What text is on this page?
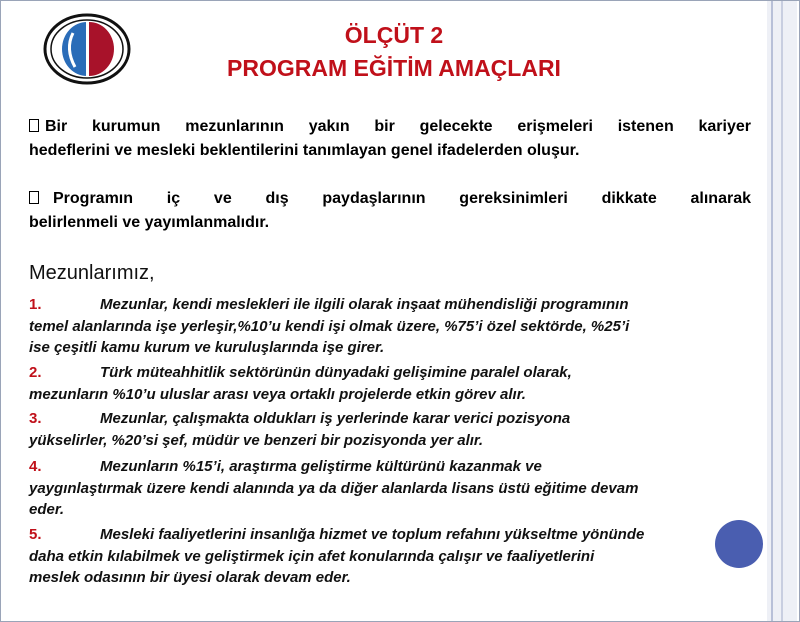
ÖLÇÜT 2
PROGRAM EĞİTİM AMAÇLARI
Bir kurumun mezunlarının yakın bir gelecekte erişmeleri istenen kariyer
hedeflerini ve mesleki beklentilerini tanımlayan genel ifadelerden oluşur.
Programın iç ve dış paydaşlarının gereksinimleri dikkate alınarak
belirlenmeli ve yayımlanmalıdır.
Mezunlarımız,
1.	Mezunlar, kendi meslekleri ile ilgili olarak inşaat mühendisliği programının
temel alanlarında işe yerleşir,%10’u kendi işi olmak üzere, %75’i özel sektörde, %25’i
ise çeşitli kamu kurum ve kuruluşlarında işe girer.
2.	Türk müteahhitlik sektörünün dünyadaki gelişimine paralel olarak,
mezunların %10’u uluslar arası veya ortaklı projelerde etkin görev alır.
3.	Mezunlar, çalışmakta oldukları iş yerlerinde karar verici pozisyona
yükselirler, %20’si şef, müdür ve benzeri bir pozisyonda yer alır.
4.	Mezunların %15’i, araştırma geliştirme kültürünü kazanmak ve
yaygınlaştırmak üzere kendi alanında ya da diğer alanlarda lisans üstü eğitime devam
eder.
5.	Mesleki faaliyetlerini insanlığa hizmet ve toplum refahını yükseltme yönünde
daha etkin kılabilmek ve geliştirmek için afet konularında çalışır ve faaliyetlerini
meslek odasının bir üyesi olarak devam eder.
